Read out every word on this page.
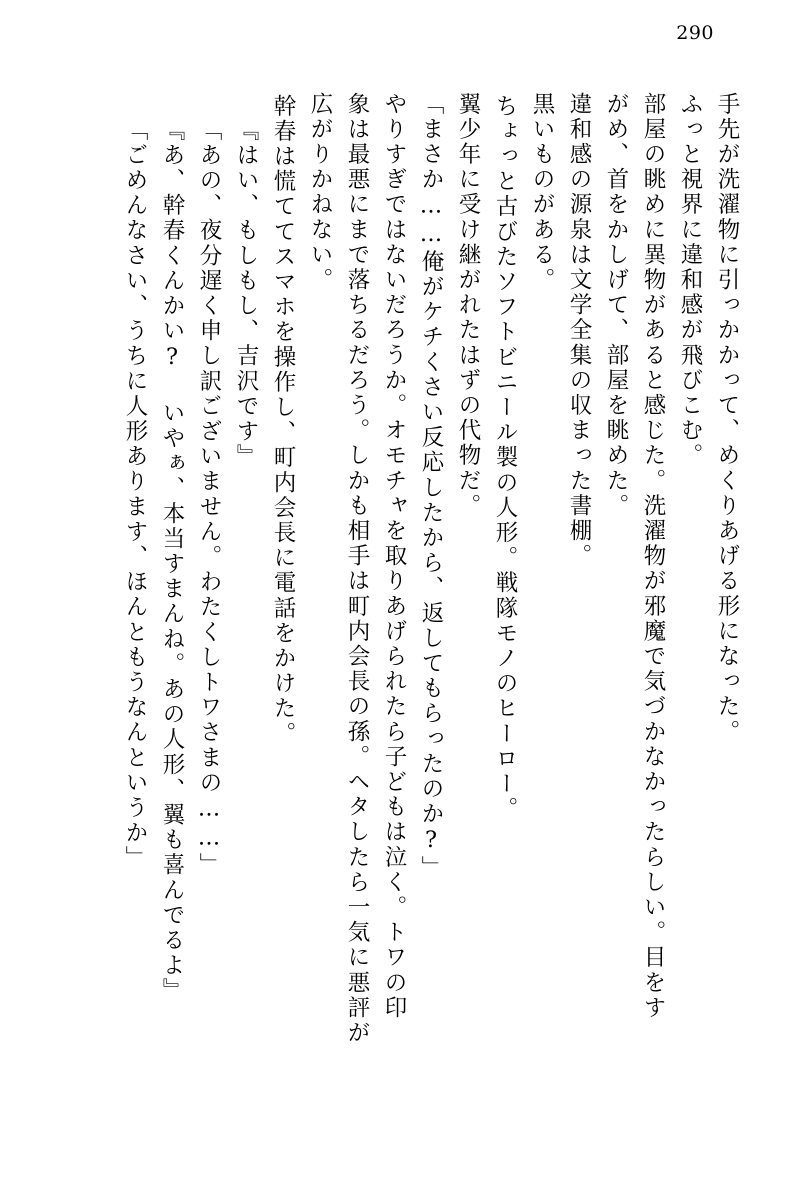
290
手先が洗濯物に引っかかって、めくりあげる形になった。
ふっと視界に違和感が飛びこむ。
部屋の眺めに異物があると感じた。洗濯物が邪魔で気づかなかったらしい。目をす
がめ、首をかしげて、部屋を眺めた。
違和感の源泉は文学全集の収まった書棚。
黒いものがある。
ちょっと古びたソフトビニール製の人形。戦隊モノのヒーロー。
翼少年に受け継がれたはずの代物だ。
「まさか……俺がケチくさい反応したから、返してもらったのか?」
やりすぎではないだろうか。オモチャを取りあげられたら子どもは泣く。トワの印
象は最悪にまで落ちるだろう。しかも相手は町内会長の孫。ヘタしたら一気に悪評が
広がりかねない。
幹春は慌ててスマホを操作し、町内会長に電話をかけた。
『はい、もしもし、吉沢です』
「あの、夜分遅く申し訳ございません。わたくしトワさまの……」
『あ、幹春くんかい? いやぁ、本当すまんね。あの人形、翼も喜んでるよ』
「ごめんなさい、うちに人形あります、ほんともうなんというか」
